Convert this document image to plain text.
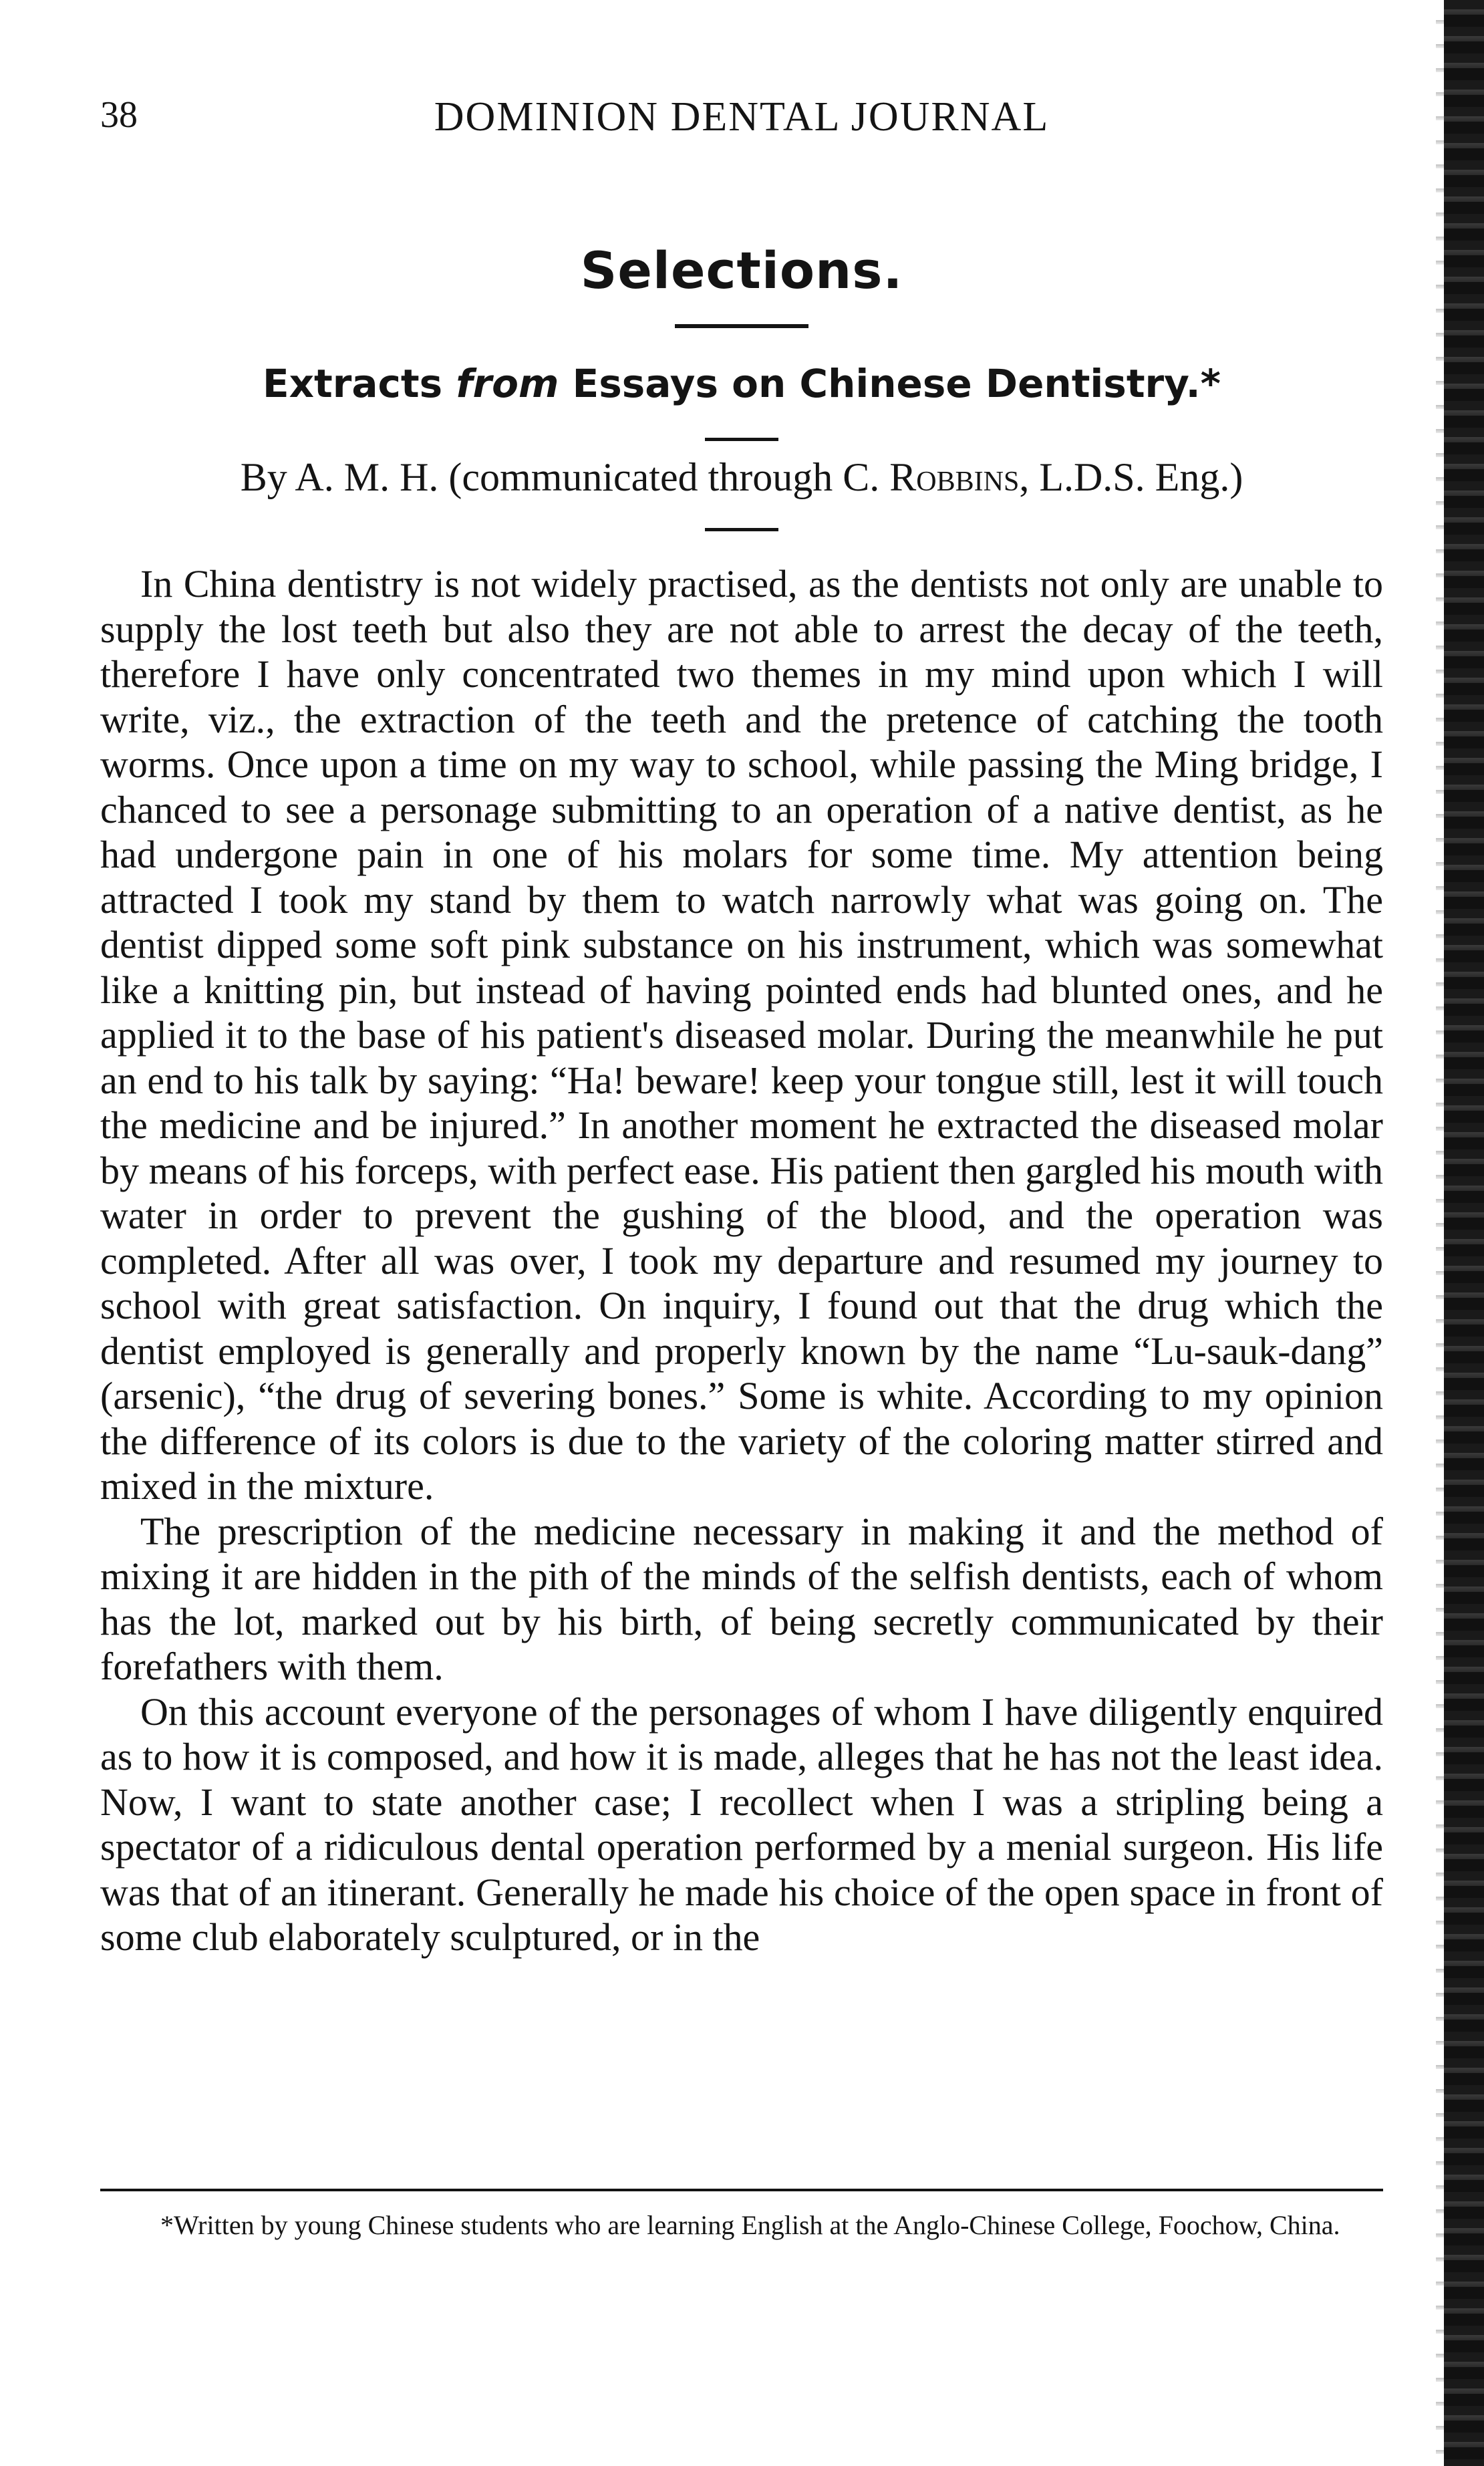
38	DOMINION DENTAL JOURNAL
Selections.
Extracts from Essays on Chinese Dentistry.*
By A. M. H. (communicated through C. Robbins, L.D.S. Eng.)

In China dentistry is not widely practised, as the dentists not only are unable to supply the lost teeth but also they are not able to arrest the decay of the teeth, therefore I have only concentrated two themes in my mind upon which I will write, viz., the extraction of the teeth and the pretence of catching the tooth worms. Once upon a time on my way to school, while passing the Ming bridge, I chanced to see a personage submitting to an operation of a native dentist, as he had undergone pain in one of his molars for some time. My attention being attracted I took my stand by them to watch narrowly what was going on. The dentist dipped some soft pink substance on his instrument, which was somewhat like a knitting pin, but instead of having pointed ends had blunted ones, and he applied it to the base of his patient's diseased molar. During the meanwhile he put an end to his talk by saying: “Ha! beware! keep your tongue still, lest it will touch the medicine and be injured.” In another moment he extracted the diseased molar by means of his forceps, with perfect ease. His patient then gargled his mouth with water in order to prevent the gushing of the blood, and the operation was completed. After all was over, I took my departure and resumed my journey to school with great satisfaction. On inquiry, I found out that the drug which the dentist employed is generally and properly known by the name “Lu-sauk-dang” (arsenic), “the drug of severing bones.” Some is white. According to my opinion the difference of its colors is due to the variety of the coloring matter stirred and mixed in the mixture.

The prescription of the medicine necessary in making it and the method of mixing it are hidden in the pith of the minds of the selfish dentists, each of whom has the lot, marked out by his birth, of being secretly communicated by their forefathers with them.

On this account everyone of the personages of whom I have diligently enquired as to how it is composed, and how it is made, alleges that he has not the least idea. Now, I want to state another case; I recollect when I was a stripling being a spectator of a ridiculous dental operation performed by a menial surgeon. His life was that of an itinerant. Generally he made his choice of the open space in front of some club elaborately sculptured, or in the

*Written by young Chinese students who are learning English at the Anglo-Chinese College, Foochow, China.
